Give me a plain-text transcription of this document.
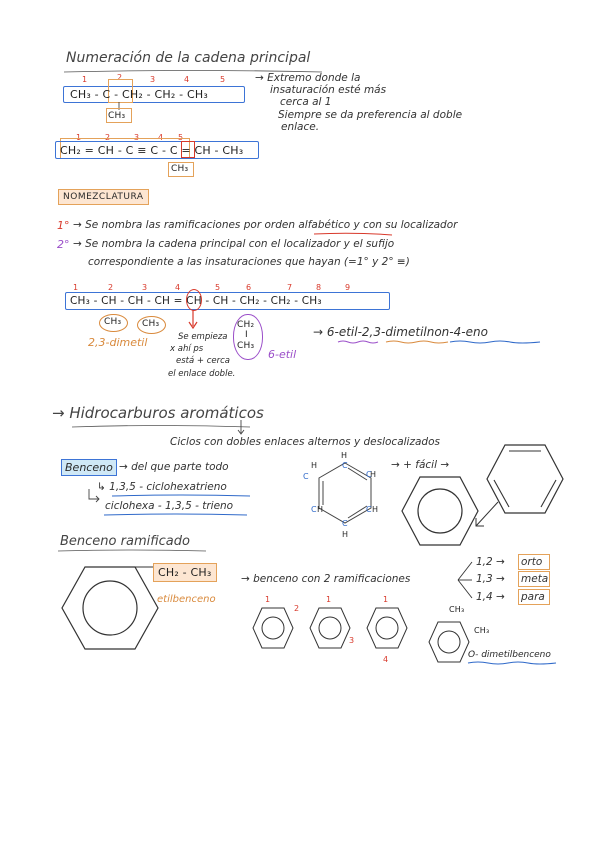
Numeración de la cadena principal
1	2	3	4	5
CH₃ - C - CH₂ - CH₂ - CH₃
CH₃
→ Extremo donde la
insaturación esté más
cerca al 1
Siempre se da preferencia al doble
enlace.
1	2	3 4 5
CH₂ = CH - C ≡ C - C = CH - CH₃
CH₃
NOMEZCLATURA
1° → Se nombra las ramificaciones por orden alfabético y con su localizador
2° → Se nombra la cadena principal con el localizador y el sufijo
correspondiente a las insaturaciones que hayan (=1° y 2° ≡)
1	2	3	4	5	6	7	8	9
CH₃ - CH - CH - CH = CH - CH - CH₂ - CH₂ - CH₃
CH₃ CH₃	CH₂
I
CH₃
2,3-dimetil	Se empieza
x ahí ps
está + cerca
el enlace doble.
6-etil
→ 6-etil-2,3-dimetilnon-4-eno
→ Hidrocarburos aromáticos
Ciclos con dobles enlaces alternos y deslocalizados
Benceno → del que parte todo
↳ 1,3,5 - ciclohexatrieno
ciclohexa - 1,3,5 - trieno
H
C
H
C	H
C
H
C	C H
C
H
→ + fácil →
Benceno ramificado
CH₂ - CH₃
etilbenceno
→ benceno con 2 ramificaciones
1,2 → orto
1,3 → meta
1,4 → para
1
2
1
3
1
4
CH₃
CH₃
O- dimetilbenceno
